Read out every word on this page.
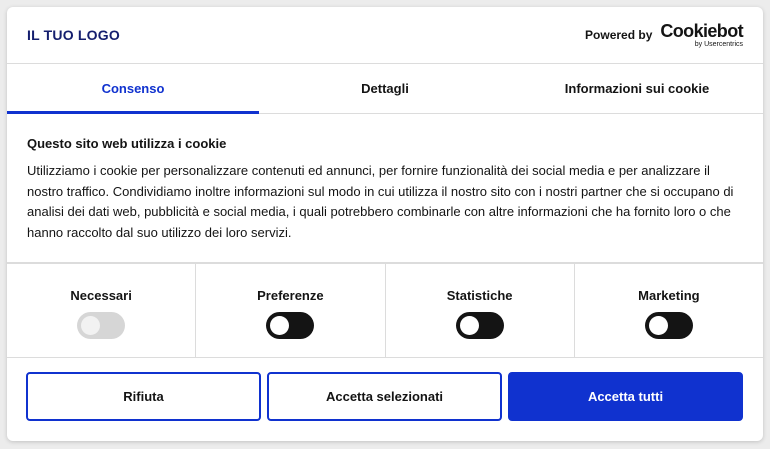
IL TUO LOGO	Powered by Cookiebot
by Usercentrics
Consenso	Dettagli	Informazioni sui cookie
Questo sito web utilizza i cookie

Utilizziamo i cookie per personalizzare contenuti ed annunci, per fornire funzionalità dei social media e per analizzare il nostro traffico. Condividiamo inoltre informazioni sul modo in cui utilizza il nostro sito con i nostri partner che si occupano di analisi dei dati web, pubblicità e social media, i quali potrebbero combinarle con altre informazioni che ha fornito loro o che hanno raccolto dal suo utilizzo dei loro servizi.

Necessari	Preferenze	Statistiche	Marketing
Rifiuta	Accetta selezionati	Accetta tutti
